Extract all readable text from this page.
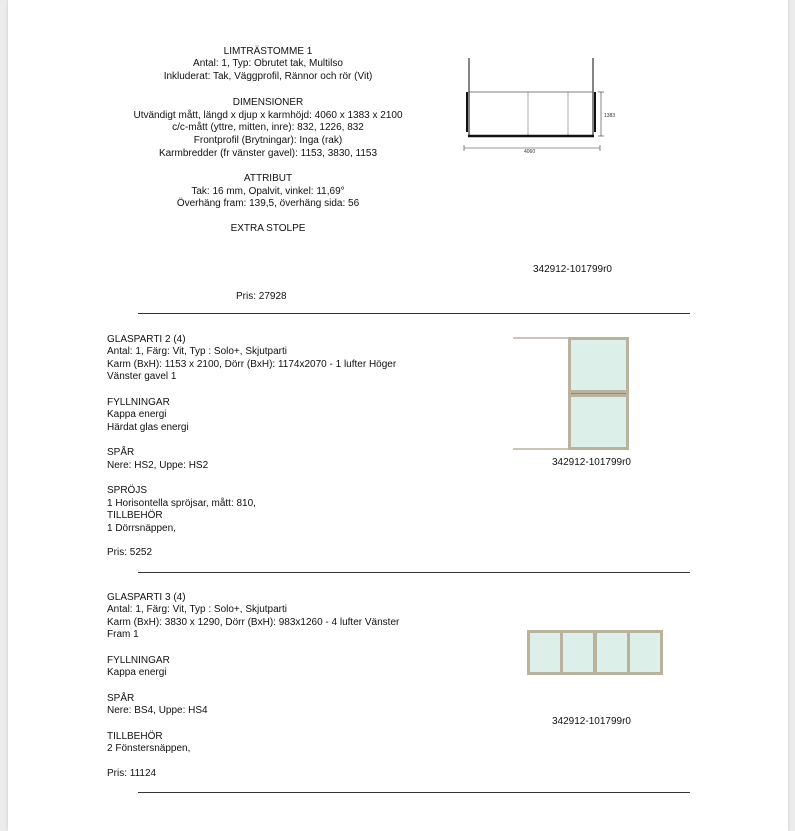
LIMTRÄSTOMME 1
Antal: 1, Typ: Obrutet tak, Multilso
Inkluderat: Tak, Väggprofil, Rännor och rör (Vit)
DIMENSIONER
Utvändigt mått, längd x djup x karmhöjd: 4060 x 1383 x 2100
c/c-mått (yttre, mitten, inre): 832, 1226, 832
Frontprofil (Brytningar): Inga (rak)
Karmbredder (fr vänster gavel): 1153, 3830, 1153
ATTRIBUT
Tak: 16 mm, Opalvit, vinkel: 11,69°
Överhäng fram: 139,5, överhäng sida: 56
EXTRA STOLPE
342912-101799r0
Pris: 27928
1383
4060
GLASPARTI 2 (4)
Antal: 1, Färg: Vit, Typ : Solo+, Skjutparti
Karm (BxH): 1153 x 2100, Dörr (BxH): 1174x2070 - 1 lufter Höger
Vänster gavel 1
FYLLNINGAR
Kappa energi
Härdat glas energi
SPÅR
Nere: HS2, Uppe: HS2
SPRÖJS
1 Horisontella spröjsar, mått: 810,
TILLBEHÖR
1 Dörrsnäppen,
Pris: 5252
342912-101799r0
GLASPARTI 3 (4)
Antal: 1, Färg: Vit, Typ : Solo+, Skjutparti
Karm (BxH): 3830 x 1290, Dörr (BxH): 983x1260 - 4 lufter Vänster
Fram 1
FYLLNINGAR
Kappa energi
SPÅR
Nere: BS4, Uppe: HS4
TILLBEHÖR
2 Fönstersnäppen,
Pris: 11124
342912-101799r0
